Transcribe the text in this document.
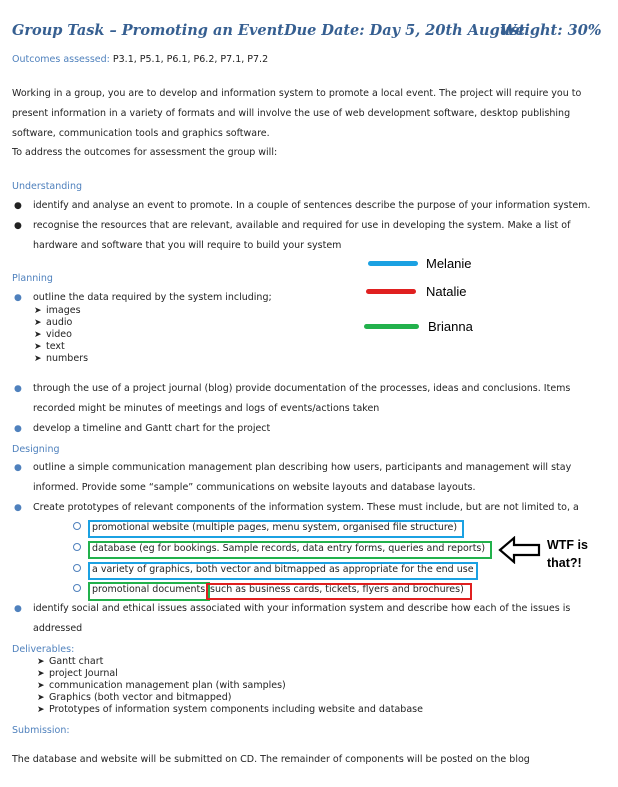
Group Task – Promoting an Event Due Date: Day 5, 20th August
Weight: 30%
Outcomes assessed: P3.1, P5.1, P6.1, P6.2, P7.1, P7.2
Working in a group, you are to develop and information system to promote a local event. The project will require you to
present information in a variety of formats and will involve the use of web development software, desktop publishing
software, communication tools and graphics software.
To address the outcomes for assessment the group will:
Understanding
● identify and analyse an event to promote. In a couple of sentences describe the purpose of your information system.
● recognise the resources that are relevant, available and required for use in developing the system. Make a list of
hardware and software that you will require to build your system
Planning
● outline the data required by the system including;
➤ images
➤ audio
➤ video
➤ text
➤ numbers
Melanie
Natalie
Brianna
● through the use of a project journal (blog) provide documentation of the processes, ideas and conclusions. Items
recorded might be minutes of meetings and logs of events/actions taken
● develop a timeline and Gantt chart for the project
Designing
● outline a simple communication management plan describing how users, participants and management will stay
informed. Provide some “sample” communications on website layouts and database layouts.
● Create prototypes of relevant components of the information system. These must include, but are not limited to, a
promotional website (multiple pages, menu system, organised file structure)
database (eg for bookings. Sample records, data entry forms, queries and reports)
a variety of graphics, both vector and bitmapped as appropriate for the end use
promotional documents such as business cards, tickets, flyers and brochures)
WTF is
that?!
● identify social and ethical issues associated with your information system and describe how each of the issues is
addressed
Deliverables:
➤ Gantt chart
➤ project Journal
➤ communication management plan (with samples)
➤ Graphics (both vector and bitmapped)
➤ Prototypes of information system components including website and database
Submission:
The database and website will be submitted on CD. The remainder of components will be posted on the blog
